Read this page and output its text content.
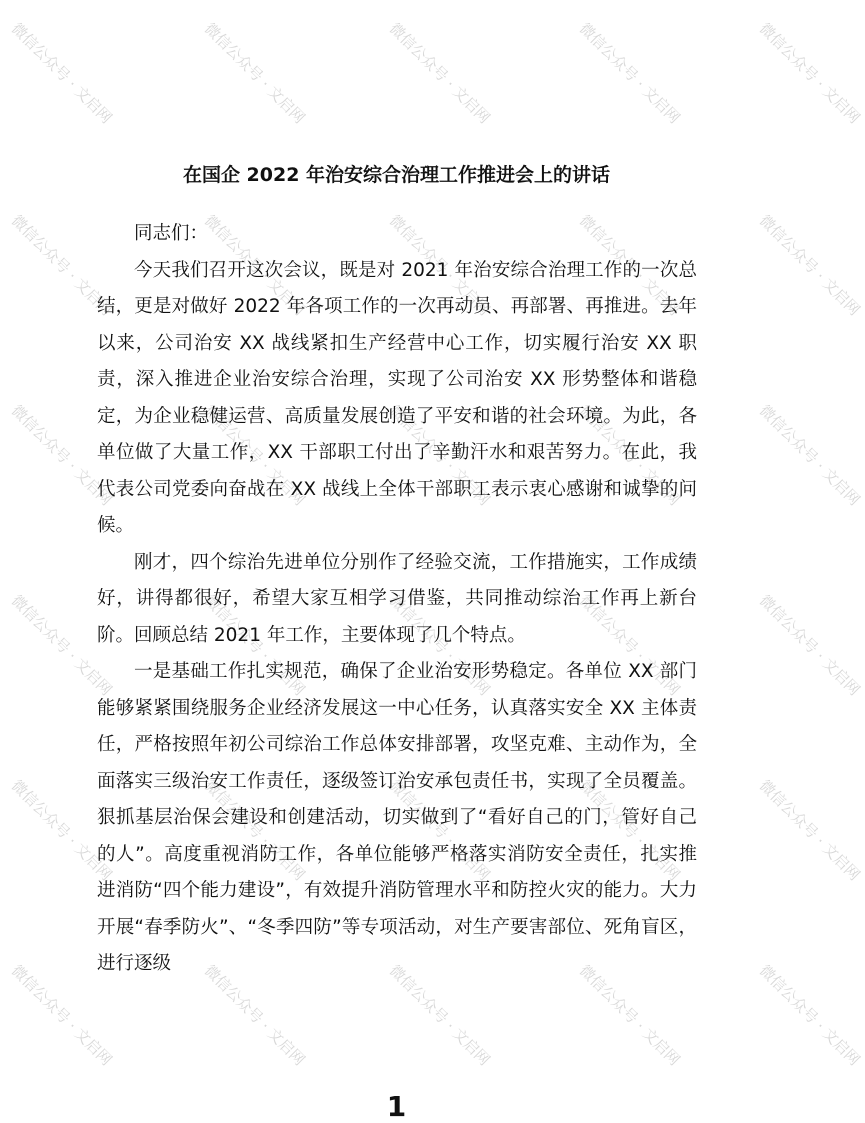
微信公众号 · 文启网	微信公众号 · 文启网	微信公众号 · 文启网	微信公众号 · 文启网	微信公众号 · 文启网
微信公众号 · 文启网	微信公众号 · 文启网	微信公众号 · 文启网	微信公众号 · 文启网	微信公众号 · 文启网
微信公众号 · 文启网	微信公众号 · 文启网	微信公众号 · 文启网	微信公众号 · 文启网	微信公众号 · 文启网
微信公众号 · 文启网	微信公众号 · 文启网	微信公众号 · 文启网	微信公众号 · 文启网	微信公众号 · 文启网
微信公众号 · 文启网	微信公众号 · 文启网	微信公众号 · 文启网	微信公众号 · 文启网	微信公众号 · 文启网
微信公众号 · 文启网	微信公众号 · 文启网	微信公众号 · 文启网	微信公众号 · 文启网	微信公众号 · 文启网
在国企 2022 年治安综合治理工作推进会上的讲话

同志们：

今天我们召开这次会议，既是对 2021 年治安综合治理工作的一次总结，更是对做好 2022 年各项工作的一次再动员、再部署、再推进。去年以来，公司治安 XX 战线紧扣生产经营中心工作，切实履行治安 XX 职责，深入推进企业治安综合治理，实现了公司治安 XX 形势整体和谐稳定，为企业稳健运营、高质量发展创造了平安和谐的社会环境。为此，各单位做了大量工作，XX 干部职工付出了辛勤汗水和艰苦努力。在此，我代表公司党委向奋战在 XX 战线上全体干部职工表示衷心感谢和诚挚的问候。

刚才，四个综治先进单位分别作了经验交流，工作措施实，工作成绩好，讲得都很好，希望大家互相学习借鉴，共同推动综治工作再上新台阶。回顾总结 2021 年工作，主要体现了几个特点。

一是基础工作扎实规范，确保了企业治安形势稳定。各单位 XX 部门能够紧紧围绕服务企业经济发展这一中心任务，认真落实安全 XX 主体责任，严格按照年初公司综治工作总体安排部署，攻坚克难、主动作为，全面落实三级治安工作责任，逐级签订治安承包责任书，实现了全员覆盖。狠抓基层治保会建设和创建活动，切实做到了“看好自己的门，管好自己的人”。高度重视消防工作，各单位能够严格落实消防安全责任，扎实推进消防“四个能力建设”，有效提升消防管理水平和防控火灾的能力。大力开展“春季防火”、“冬季四防”等专项活动，对生产要害部位、死角盲区，进行逐级

1
